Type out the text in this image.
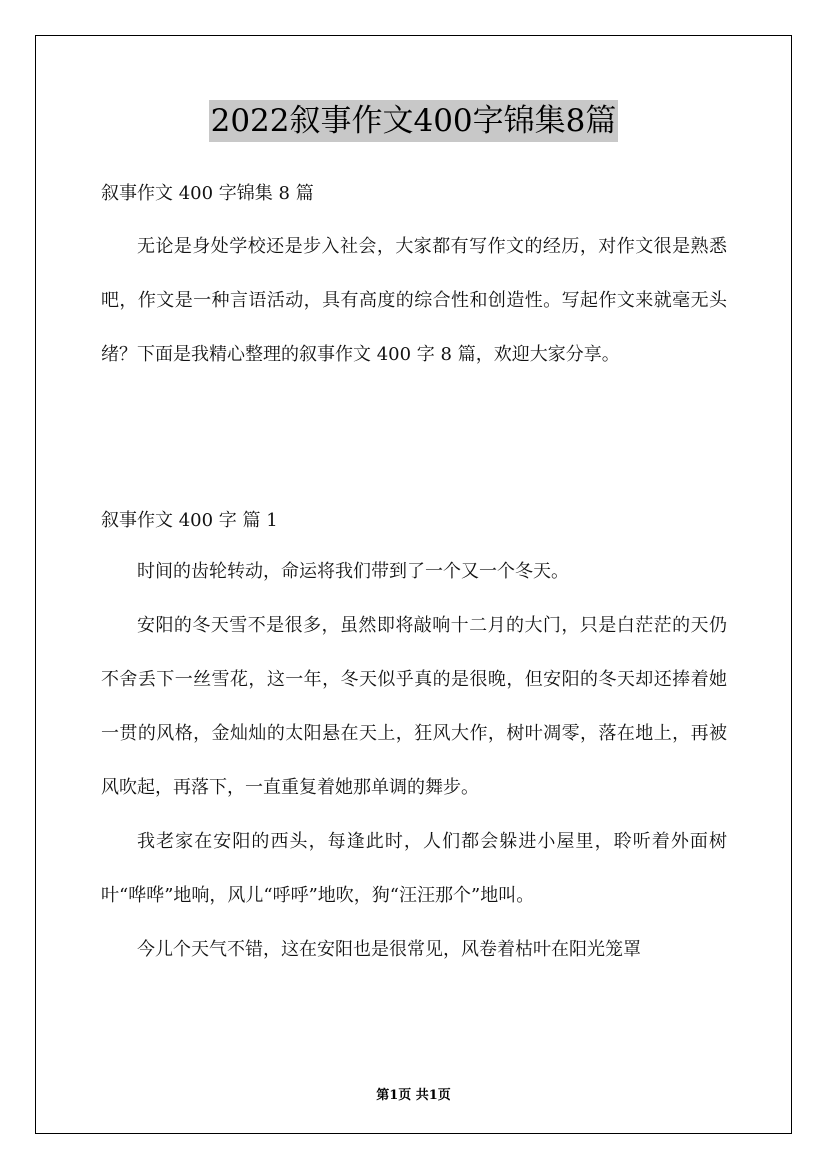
2022叙事作文400字锦集8篇
叙事作文 400 字锦集 8 篇

无论是身处学校还是步入社会，大家都有写作文的经历，对作文很是熟悉吧，作文是一种言语活动，具有高度的综合性和创造性。写起作文来就毫无头绪？下面是我精心整理的叙事作文 400 字 8 篇，欢迎大家分享。

叙事作文 400 字 篇 1

时间的齿轮转动，命运将我们带到了一个又一个冬天。

安阳的冬天雪不是很多，虽然即将敲响十二月的大门，只是白茫茫的天仍不舍丢下一丝雪花，这一年，冬天似乎真的是很晚，但安阳的冬天却还捧着她一贯的风格，金灿灿的太阳悬在天上，狂风大作，树叶凋零，落在地上，再被风吹起，再落下，一直重复着她那单调的舞步。

我老家在安阳的西头，每逢此时，人们都会躲进小屋里，聆听着外面树叶“哗哗”地响，风儿“呼呼”地吹，狗“汪汪那个”地叫。

今儿个天气不错，这在安阳也是很常见，风卷着枯叶在阳光笼罩

第1页 共1页
